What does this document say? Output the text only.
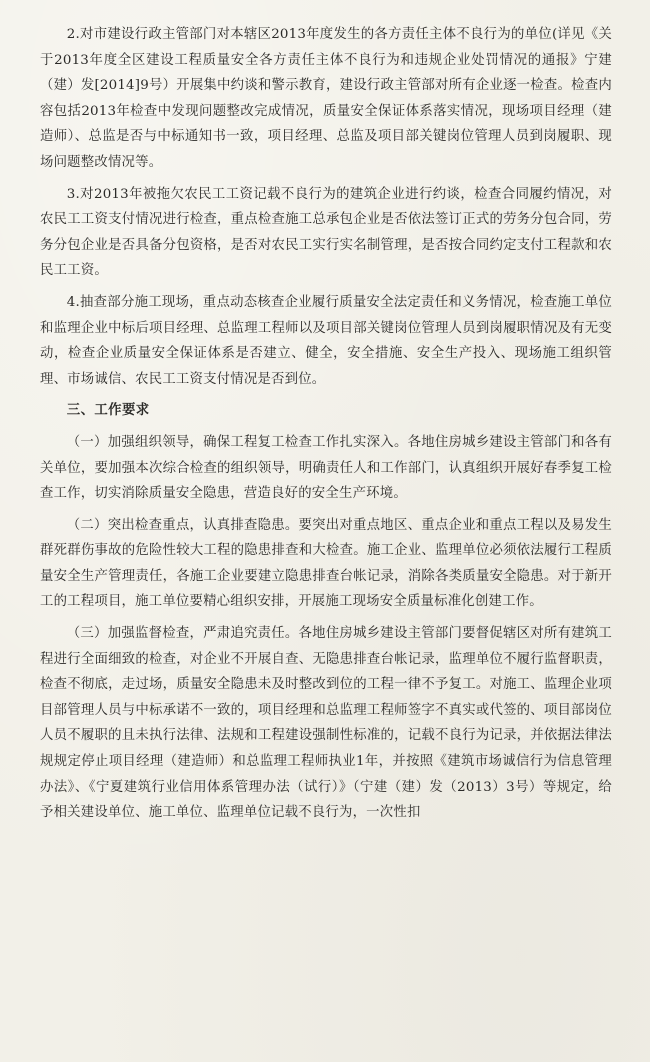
2.对市建设行政主管部门对本辖区2013年度发生的各方责任主体不良行为的单位(详见《关于2013年度全区建设工程质量安全各方责任主体不良行为和违规企业处罚情况的通报》宁建（建）发[2014]9号）开展集中约谈和警示教育，建设行政主管部对所有企业逐一检查。检查内容包括2013年检查中发现问题整改完成情况，质量安全保证体系落实情况，现场项目经理（建造师）、总监是否与中标通知书一致，项目经理、总监及项目部关键岗位管理人员到岗履职、现场问题整改情况等。

3.对2013年被拖欠农民工工资记载不良行为的建筑企业进行约谈，检查合同履约情况，对农民工工资支付情况进行检查，重点检查施工总承包企业是否依法签订正式的劳务分包合同，劳务分包企业是否具备分包资格，是否对农民工实行实名制管理，是否按合同约定支付工程款和农民工工资。

4.抽查部分施工现场，重点动态核查企业履行质量安全法定责任和义务情况，检查施工单位和监理企业中标后项目经理、总监理工程师以及项目部关键岗位管理人员到岗履职情况及有无变动，检查企业质量安全保证体系是否建立、健全，安全措施、安全生产投入、现场施工组织管理、市场诚信、农民工工资支付情况是否到位。

三、工作要求

（一）加强组织领导，确保工程复工检查工作扎实深入。各地住房城乡建设主管部门和各有关单位，要加强本次综合检查的组织领导，明确责任人和工作部门，认真组织开展好春季复工检查工作，切实消除质量安全隐患，营造良好的安全生产环境。

（二）突出检查重点，认真排查隐患。要突出对重点地区、重点企业和重点工程以及易发生群死群伤事故的危险性较大工程的隐患排查和大检查。施工企业、监理单位必须依法履行工程质量安全生产管理责任，各施工企业要建立隐患排查台帐记录，消除各类质量安全隐患。对于新开工的工程项目，施工单位要精心组织安排，开展施工现场安全质量标准化创建工作。

（三）加强监督检查，严肃追究责任。各地住房城乡建设主管部门要督促辖区对所有建筑工程进行全面细致的检查，对企业不开展自查、无隐患排查台帐记录，监理单位不履行监督职责，检查不彻底，走过场，质量安全隐患未及时整改到位的工程一律不予复工。对施工、监理企业项目部管理人员与中标承诺不一致的，项目经理和总监理工程师签字不真实或代签的、项目部岗位人员不履职的且未执行法律、法规和工程建设强制性标准的，记载不良行为记录，并依据法律法规规定停止项目经理（建造师）和总监理工程师执业1年，并按照《建筑市场诚信行为信息管理办法》、《宁夏建筑行业信用体系管理办法（试行）》（宁建（建）发（2013）3号）等规定，给予相关建设单位、施工单位、监理单位记载不良行为，一次性扣
